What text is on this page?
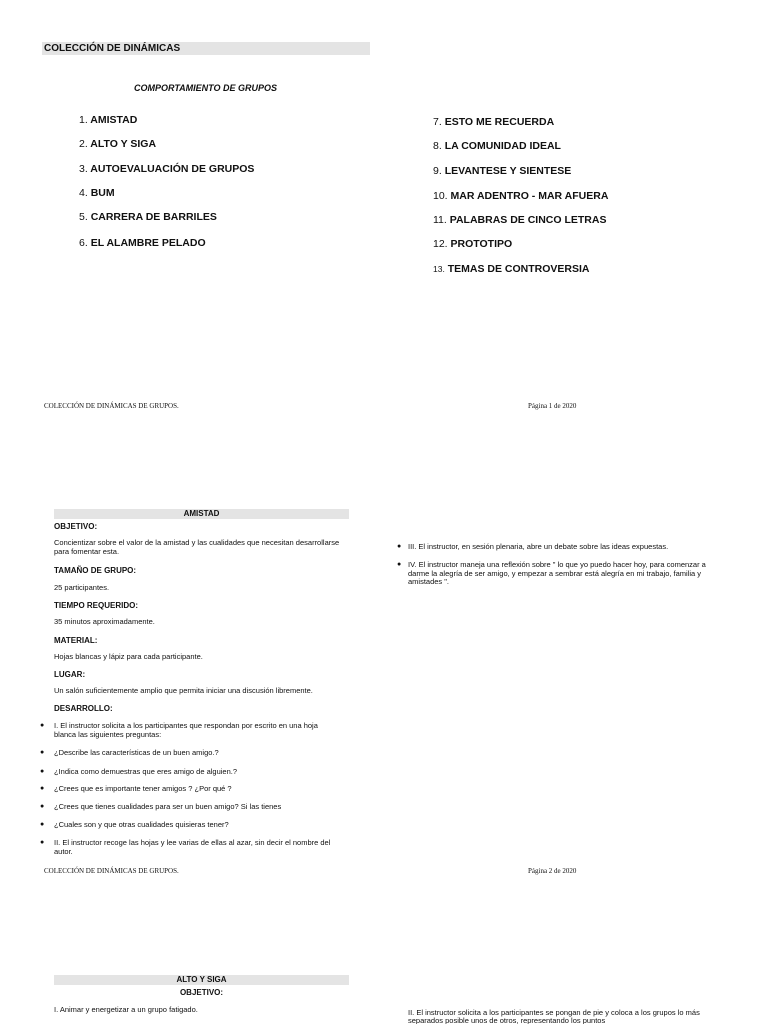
COLECCIÓN DE DINÁMICAS
COMPORTAMIENTO DE GRUPOS
1. AMISTAD
2. ALTO Y SIGA
3. AUTOEVALUACIÓN DE GRUPOS
4. BUM
5. CARRERA DE BARRILES
6. EL ALAMBRE PELADO
7. ESTO ME RECUERDA
8. LA COMUNIDAD IDEAL
9. LEVANTESE Y SIENTESE
10. MAR ADENTRO - MAR AFUERA
11. PALABRAS DE CINCO LETRAS
12. PROTOTIPO
13. TEMAS DE CONTROVERSIA
COLECCIÓN DE DINÁMICAS DE GRUPOS.	Página 1 de 2020
AMISTAD
OBJETIVO:
Concientizar sobre el valor de la amistad y las cualidades que necesitan desarrollarse para fomentar esta.
TAMAÑO DE GRUPO:
25 participantes.
TIEMPO REQUERIDO:
35 minutos aproximadamente.
MATERIAL:
Hojas blancas y lápiz para cada participante.
LUGAR:
Un salón suficientemente amplio que permita iniciar una discusión libremente.
DESARROLLO:
● I. El instructor solicita a los participantes que respondan por escrito en una hoja blanca las siguientes preguntas:
● ¿Describe las características de un buen amigo.?
● ¿Indica como demuestras que eres amigo de alguien.?
● ¿Crees que es importante tener amigos ? ¿Por qué ?
● ¿Crees que tienes cualidades para ser un buen amigo? Si las tienes
● ¿Cuales son y que otras cualidades quisieras tener?
● II. El instructor recoge las hojas y lee varias de ellas al azar, sin decir el nombre del autor.
● III. El instructor, en sesión plenaria, abre un debate sobre las ideas expuestas.
● IV. El instructor maneja una reflexión sobre " lo que yo puedo hacer hoy, para comenzar a darme la alegría de ser amigo, y empezar a sembrar está alegría en mi trabajo, familia y amistades ".
COLECCIÓN DE DINÁMICAS DE GRUPOS.	Página 2 de 2020
ALTO Y SIGA
OBJETIVO:
I. Animar y energetizar a un grupo fatigado.	II. El instructor solicita a los participantes se pongan de pie y coloca a los grupos lo más separados posible unos de otros, representando los puntos
